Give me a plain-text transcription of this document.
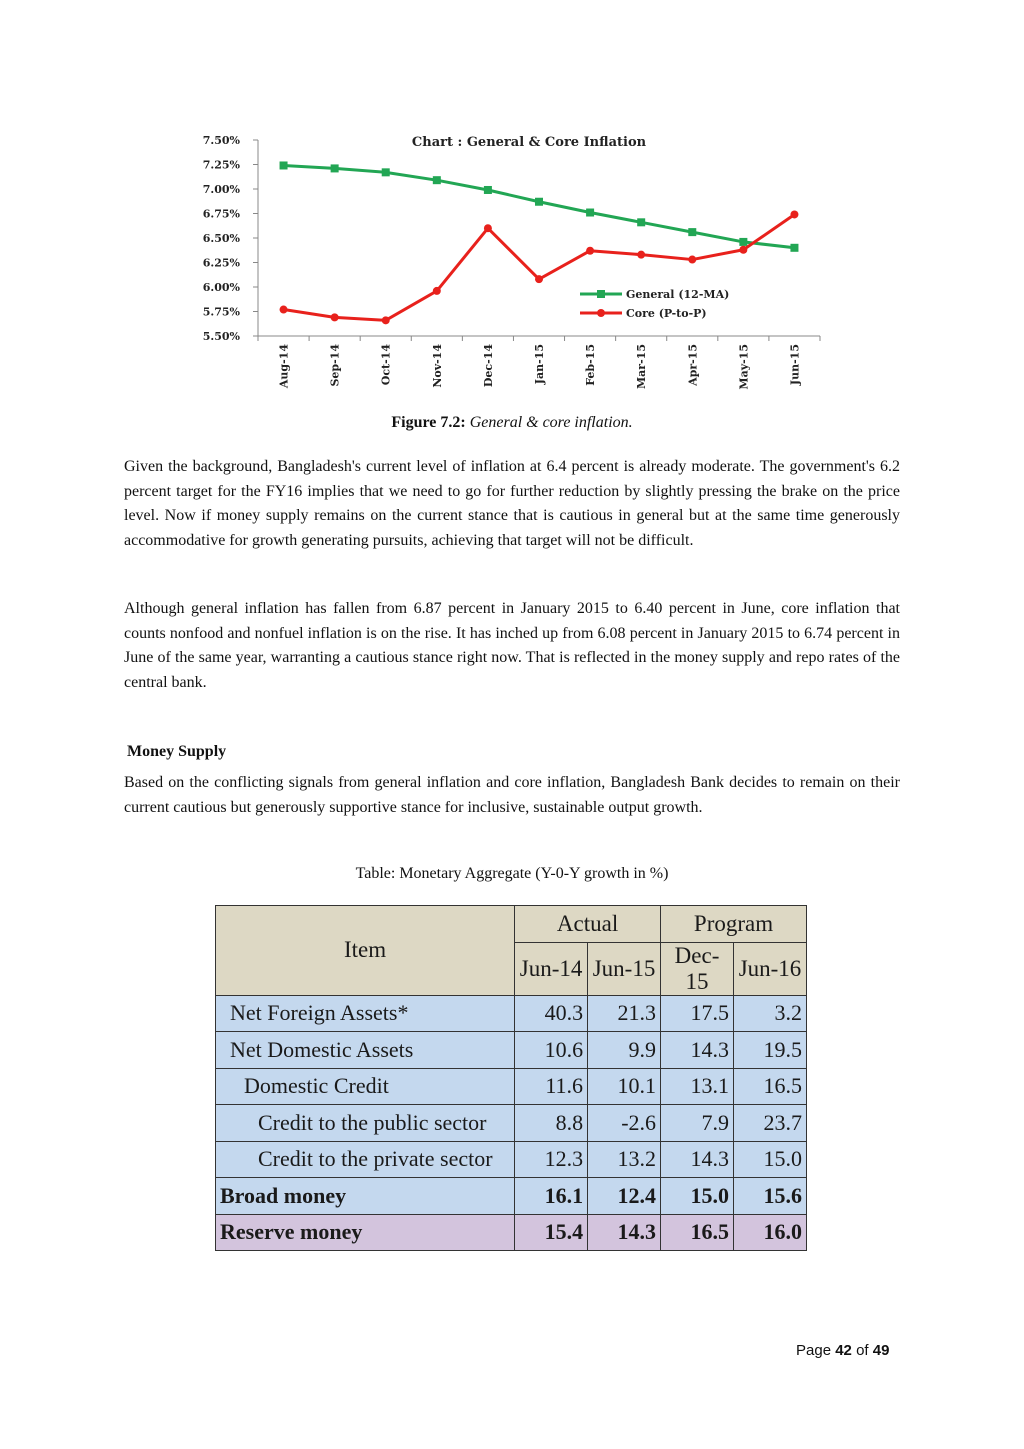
Chart : General & Core Inflation
7.50%
7.25%
7.00%
6.75%
6.50%
6.25%
6.00%
5.75%
5.50%
Aug-14	Sep-14	Oct-14	Nov-14	Dec-14	Jan-15	Feb-15	Mar-15	Apr-15	May-15	Jun-15
General (12-MA)
Core (P-to-P)
Figure 7.2: General & core inflation.

Given the background, Bangladesh's current level of inflation at 6.4 percent is already moderate. The government's 6.2 percent target for the FY16 implies that we need to go for further reduction by slightly pressing the brake on the price level. Now if money supply remains on the current stance that is cautious in general but at the same time generously accommodative for growth generating pursuits, achieving that target will not be difficult.

Although general inflation has fallen from 6.87 percent in January 2015 to 6.40 percent in June, core inflation that counts nonfood and nonfuel inflation is on the rise. It has inched up from 6.08 percent in January 2015 to 6.74 percent in June of the same year, warranting a cautious stance right now. That is reflected in the money supply and repo rates of the central bank.

Money Supply

Based on the conflicting signals from general inflation and core inflation, Bangladesh Bank decides to remain on their current cautious but generously supportive stance for inclusive, sustainable output growth.

Table: Monetary Aggregate (Y-0-Y growth in %)
Item	Actual		Program	
	Jun-14	Jun-15	Dec-15	Jun-16
Net Foreign Assets*	40.3	21.3	17.5	3.2
Net Domestic Assets	10.6	9.9	14.3	19.5
Domestic Credit	11.6	10.1	13.1	16.5
Credit to the public sector	8.8	-2.6	7.9	23.7
Credit to the private sector	12.3	13.2	14.3	15.0
Broad money	16.1	12.4	15.0	15.6
Reserve money	15.4	14.3	16.5	16.0
Page 42 of 49
